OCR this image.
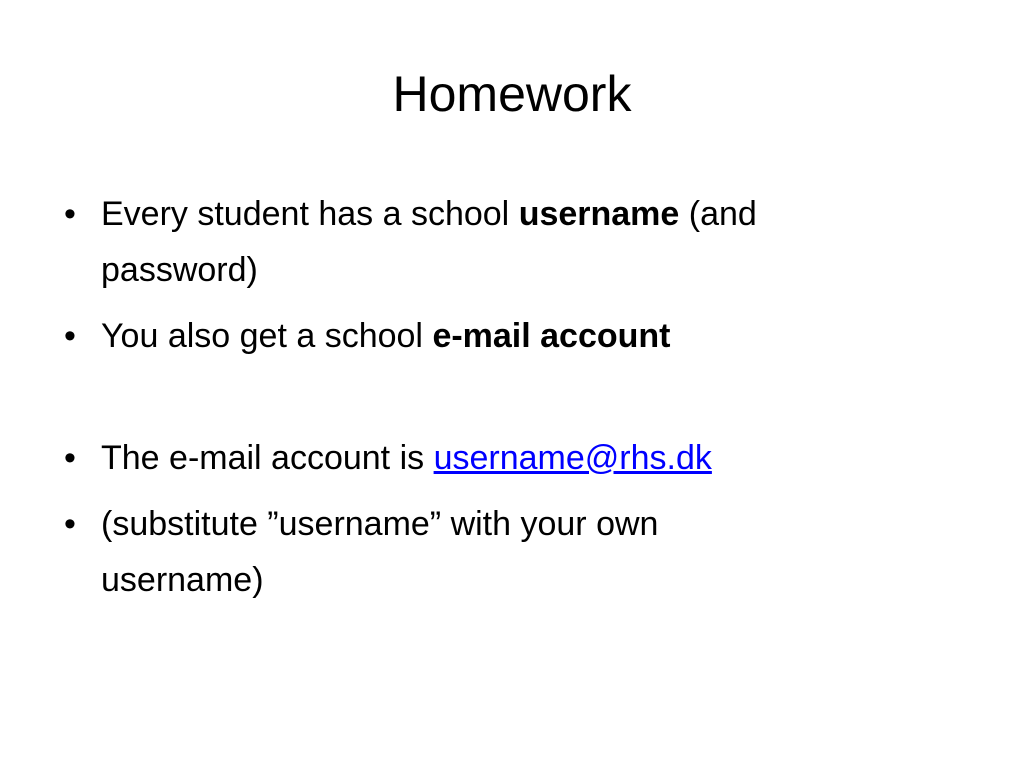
Homework
• Every student has a school username (and
password)
• You also get a school e-mail account
• The e-mail account is username@rhs.dk
• (substitute ”username” with your own
username)
